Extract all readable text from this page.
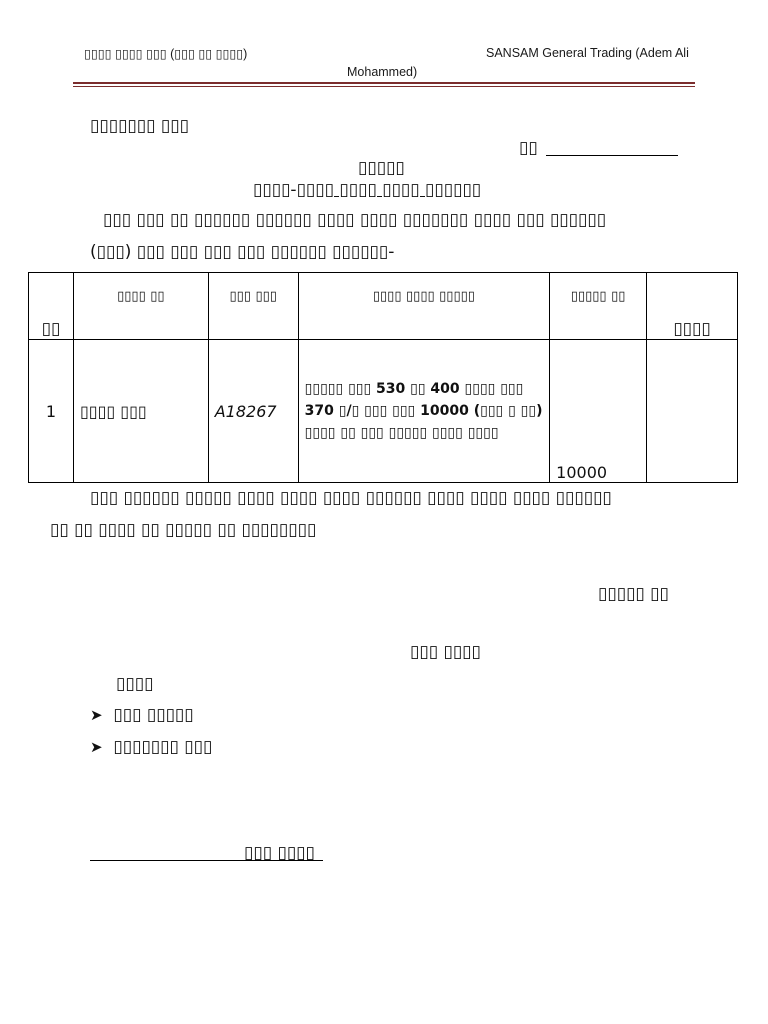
▯▯▯▯ ▯▯▯▯ ▯▯▯ (▯▯▯ ▯▯ ▯▯▯▯)	SANSAM General Trading (Adem Ali
Mohammed)
▯▯▯▯▯▯▯ ▯▯▯
▯▯
▯▯▯▯▯
▯▯▯▯-▯▯▯▯ ▯▯▯▯ ▯▯▯▯ ▯▯▯▯▯▯
▯▯▯ ▯▯▯ ▯▯ ▯▯▯▯▯▯ ▯▯▯▯▯▯ ▯▯▯▯ ▯▯▯▯ ▯▯▯▯▯▯▯ ▯▯▯▯ ▯▯▯ ▯▯▯▯▯▯
(▯▯▯) ▯▯▯ ▯▯▯ ▯▯▯ ▯▯▯ ▯▯▯▯▯▯ ▯▯▯▯▯▯-
▯▯	▯▯▯▯ ▯▯	▯▯▯ ▯▯▯	▯▯▯▯ ▯▯▯▯ ▯▯▯▯▯	▯▯▯▯▯ ▯▯	▯▯▯▯
1	▯▯▯▯ ▯▯▯	A18267	▯▯▯▯▯ ▯▯▯ 530 ▯▯ 400 ▯▯▯▯ ▯▯▯ 370 ▯/▯ ▯▯▯ ▯▯▯ 10000 (▯▯▯ ▯ ▯▯) ▯▯▯▯ ▯▯ ▯▯▯ ▯▯▯▯▯ ▯▯▯▯ ▯▯▯▯	10000	
▯▯▯ ▯▯▯▯▯▯ ▯▯▯▯▯ ▯▯▯▯ ▯▯▯▯ ▯▯▯▯ ▯▯▯▯▯▯ ▯▯▯▯ ▯▯▯▯ ▯▯▯▯ ▯▯▯▯▯▯
▯▯ ▯▯ ▯▯▯▯ ▯▯ ▯▯▯▯▯ ▯▯ ▯▯▯▯▯▯▯▯
▯▯▯▯▯ ▯▯
▯▯▯ ▯▯▯▯
▯▯▯▯
➤ ▯▯▯ ▯▯▯▯▯
➤ ▯▯▯▯▯▯▯ ▯▯▯
▯▯▯ ▯▯▯▯
